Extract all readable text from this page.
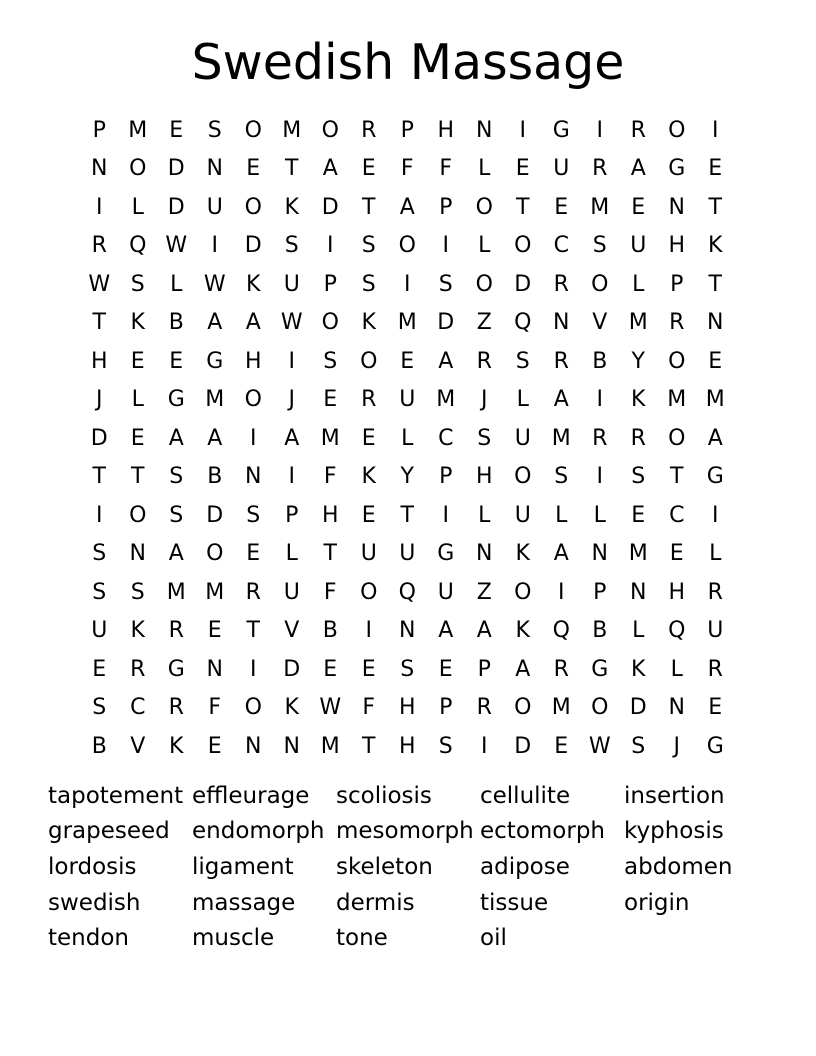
Swedish Massage
P	M	E	S	O M O	R	P	H	N	I	G	I	R	O	I
N O D N	E	T	A	E	F	F	L	E	U	R	A	G	E
I	L	D U O	K	D	T	A	P	O	T	E	M	E	N	T
R	Q W	I	D	S	I	S	O	I	L	O	C	S	U	H	K
W S	L W K	U	P	S	I	S	O D	R	O	L	P	T
T	K	B	A	A W O	K M D	Z	Q N	V M R	N
H	E	E	G H	I	S	O	E	A	R	S	R	B	Y	O	E
J	L	G M O	J	E	R	U M	J	L	A	I	K M M
D	E	A	A	I	A M	E	L	C	S	U M R	R	O	A
T	T	S	B	N	I	F	K	Y	P	H O	S	I	S	T	G
I	O	S	D	S	P	H	E	T	I	L	U	L	L	E	C	I
S	N	A	O	E	L	T	U	U G N	K	A	N M	E	L
S	S	M M R	U	F	O Q U	Z	O	I	P	N H	R
U	K	R	E	T	V	B	I	N	A	A	K	Q	B	L	Q U
E	R	G N	I	D	E	E	S	E	P	A	R	G	K	L	R
S	C	R	F	O	K W F	H	P	R	O M O D N	E
B	V	K	E	N	N M	T	H	S	I	D	E W S	J	G
tapotement effleurage	scoliosis	cellulite	insertion
grapeseed endomorph mesomorph ectomorph kyphosis
lordosis	ligament	skeleton	adipose	abdomen
swedish	massage	dermis	tissue	origin
tendon	muscle	tone	oil
